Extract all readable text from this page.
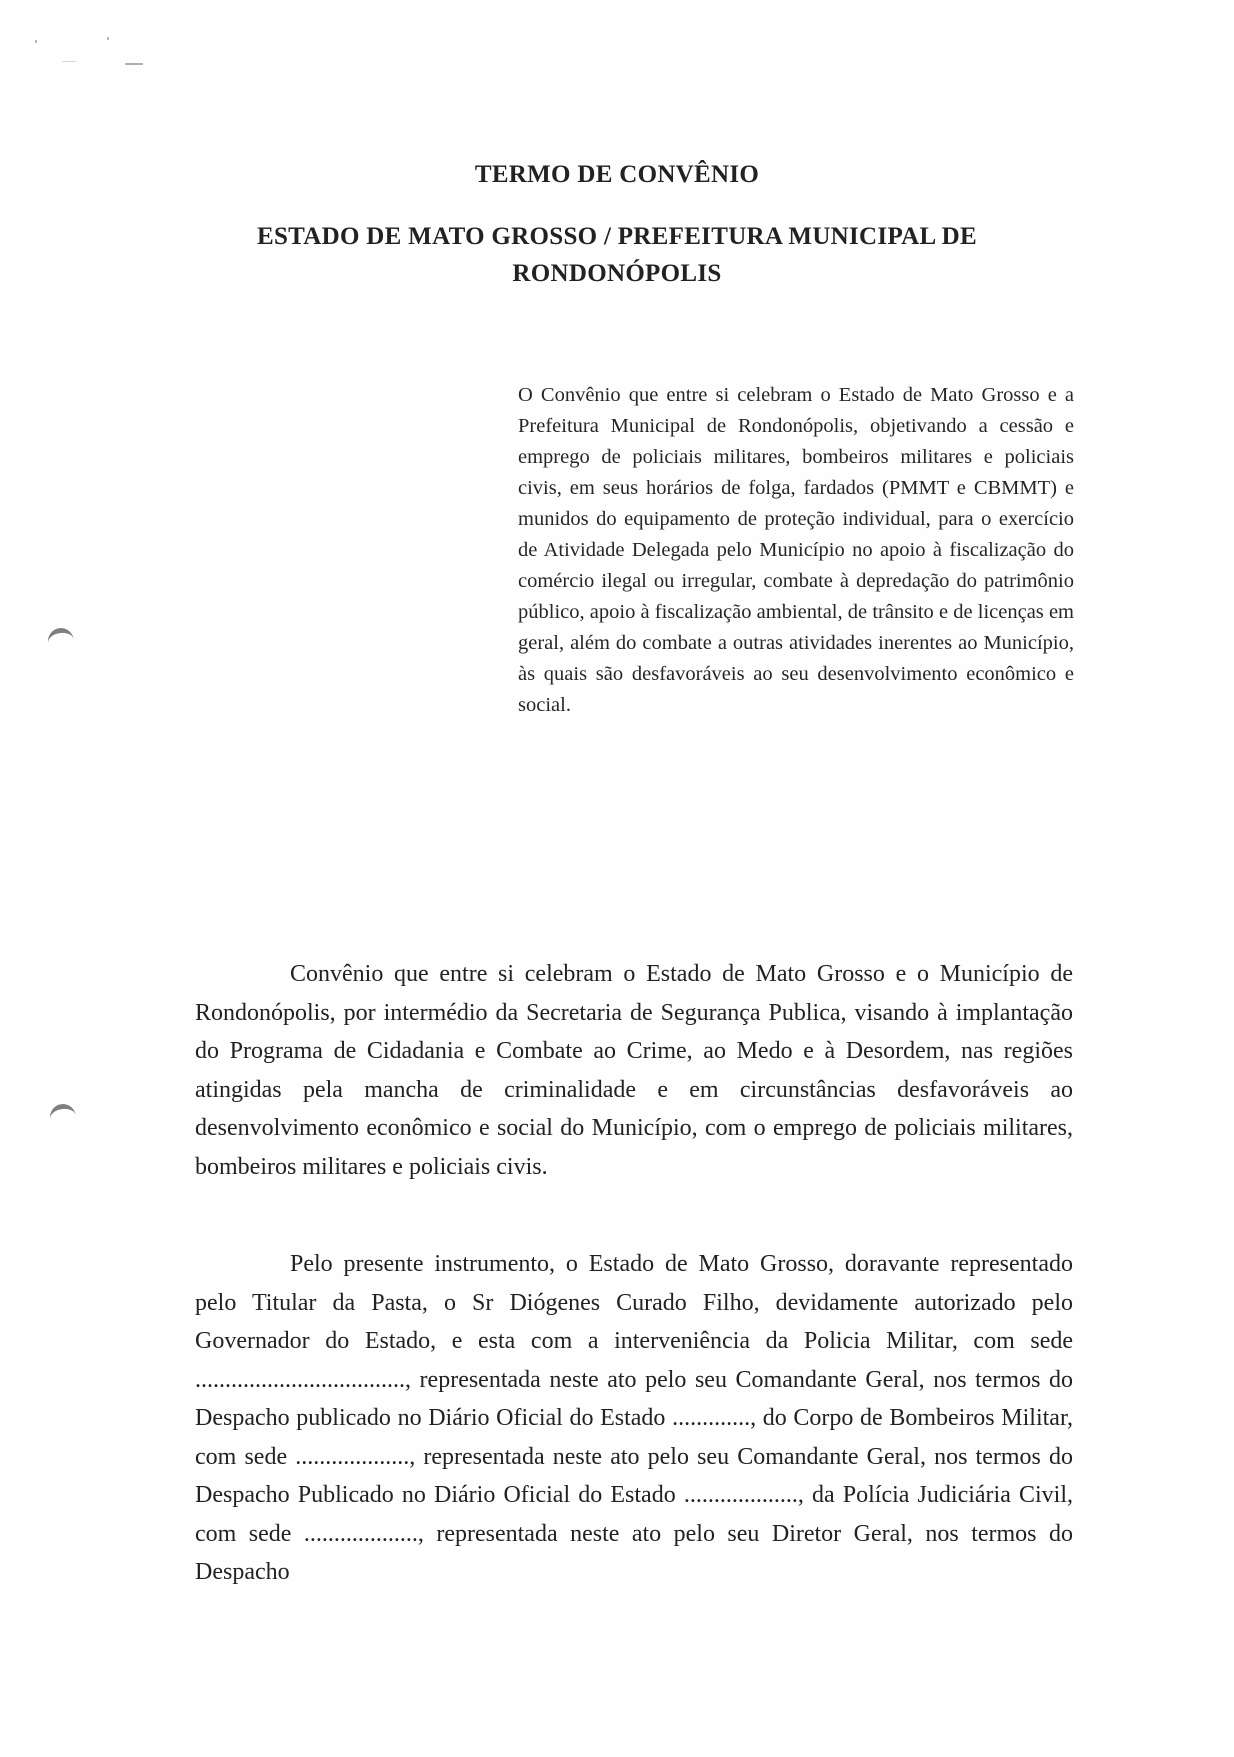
TERMO DE CONVÊNIO
ESTADO DE MATO GROSSO / PREFEITURA MUNICIPAL DE
RONDONÓPOLIS
O Convênio que entre si celebram o Estado de Mato Grosso e a Prefeitura Municipal de Rondonópolis, objetivando a cessão e emprego de policiais militares, bombeiros militares e policiais civis, em seus horários de folga, fardados (PMMT e CBMMT) e munidos do equipamento de proteção individual, para o exercício de Atividade Delegada pelo Município no apoio à fiscalização do comércio ilegal ou irregular, combate à depredação do patrimônio público, apoio à fiscalização ambiental, de trânsito e de licenças em geral, além do combate a outras atividades inerentes ao Município, às quais são desfavoráveis ao seu desenvolvimento econômico e social.
Convênio que entre si celebram o Estado de Mato Grosso e o Município de Rondonópolis, por intermédio da Secretaria de Segurança Publica, visando à implantação do Programa de Cidadania e Combate ao Crime, ao Medo e à Desordem, nas regiões atingidas pela mancha de criminalidade e em circunstâncias desfavoráveis ao desenvolvimento econômico e social do Município, com o emprego de policiais militares, bombeiros militares e policiais civis.
Pelo presente instrumento, o Estado de Mato Grosso, doravante representado pelo Titular da Pasta, o Sr Diógenes Curado Filho, devidamente autorizado pelo Governador do Estado, e esta com a interveniência da Policia Militar, com sede ..................................., representada neste ato pelo seu Comandante Geral, nos termos do Despacho publicado no Diário Oficial do Estado ............., do Corpo de Bombeiros Militar, com sede ..................., representada neste ato pelo seu Comandante Geral, nos termos do Despacho Publicado no Diário Oficial do Estado ..................., da Polícia Judiciária Civil, com sede ..................., representada neste ato pelo seu Diretor Geral, nos termos do Despacho
